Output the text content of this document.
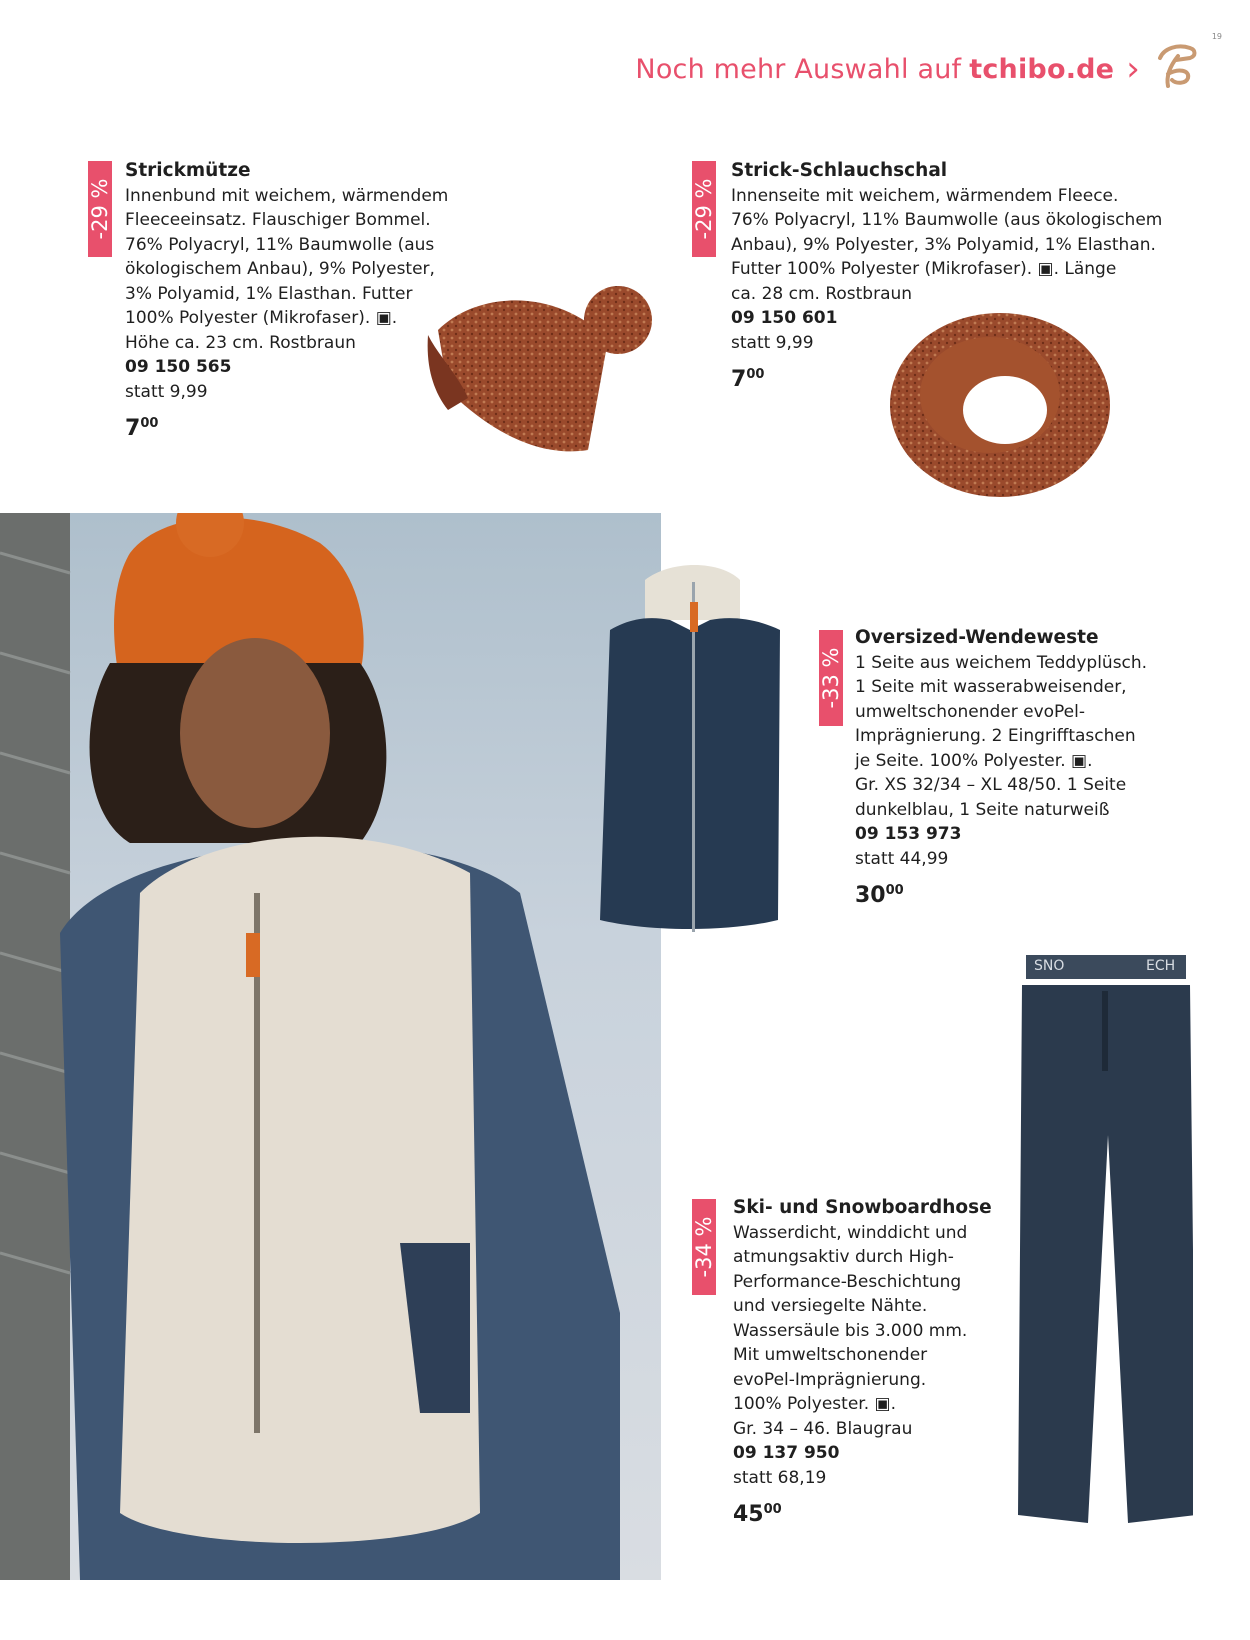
Noch mehr Auswahl auf tchibo.de ›
19
-29 %
Strickmütze
Innenbund mit weichem, wärmendem
Fleeceeinsatz. Flauschiger Bommel.
76% Polyacryl, 11% Baumwolle (aus
ökologischem Anbau), 9% Polyester,
3% Polyamid, 1% Elasthan. Futter
100% Polyester (Mikrofaser). ▣.
Höhe ca. 23 cm. Rostbraun
09 150 565
statt 9,99
$7^{00}$
-29 %
Strick-Schlauchschal
Innenseite mit weichem, wärmendem Fleece.
76% Polyacryl, 11% Baumwolle (aus ökologischem
Anbau), 9% Polyester, 3% Polyamid, 1% Elasthan.
Futter 100% Polyester (Mikrofaser). ▣. Länge
ca. 28 cm. Rostbraun
09 150 601
statt 9,99
$7^{00}$
-33 %
Oversized-Wendeweste
1 Seite aus weichem Teddyplüsch.
1 Seite mit wasserabweisender,
umweltschonender evoPel-
Imprägnierung. 2 Eingrifftaschen
je Seite. 100% Polyester. ▣.
Gr. XS 32/34 – XL 48/50. 1 Seite
dunkelblau, 1 Seite naturweiß
09 153 973
statt 44,99
$30^{00}$
SNO	ECH
-34 %
Ski- und Snowboardhose
Wasserdicht, winddicht und
atmungsaktiv durch High-
Performance-Beschichtung
und versiegelte Nähte.
Wassersäule bis 3.000 mm.
Mit umweltschonender
evoPel-Imprägnierung.
100% Polyester. ▣.
Gr. 34 – 46. Blaugrau
09 137 950
statt 68,19
$45^{00}$
